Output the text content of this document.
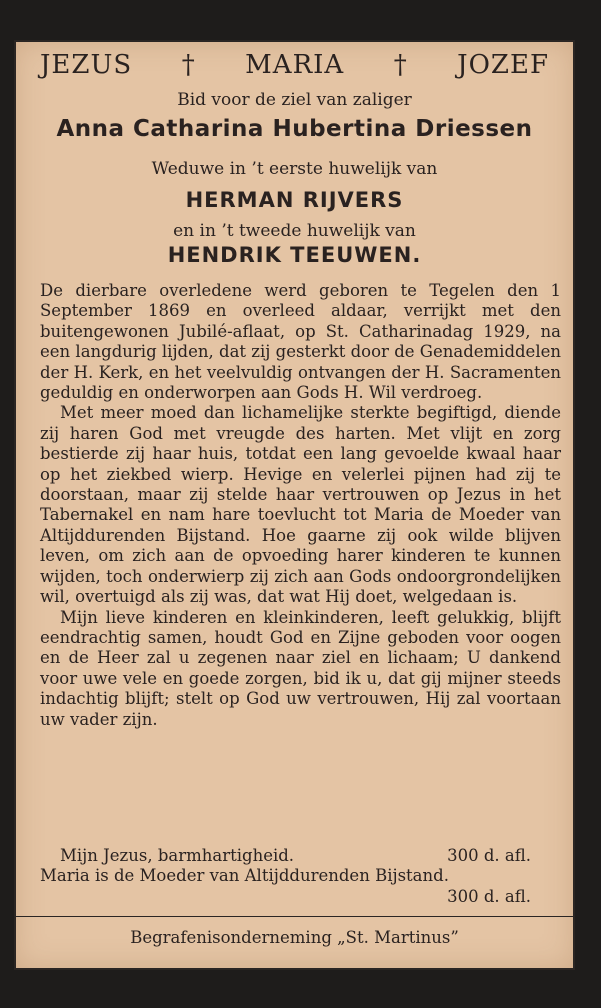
JEZUS † MARIA † JOZEF
Bid voor de ziel van zaliger
Anna Catharina Hubertina Driessen
Weduwe in ’t eerste huwelijk van
HERMAN RIJVERS
en in ’t tweede huwelijk van
HENDRIK TEEUWEN.

De dierbare overledene werd geboren te Tegelen den 1 September 1869 en overleed aldaar, verrijkt met den buitengewonen Jubilé-aflaat, op St. Catharinadag 1929, na een langdurig lijden, dat zij gesterkt door de Genademiddelen der H. Kerk, en het veelvuldig ontvangen der H. Sacramenten geduldig en onderworpen aan Gods H. Wil verdroeg.

Met meer moed dan lichamelijke sterkte begiftigd, diende zij haren God met vreugde des harten. Met vlijt en zorg bestierde zij haar huis, totdat een lang gevoelde kwaal haar op het ziekbed wierp. Hevige en velerlei pijnen had zij te doorstaan, maar zij stelde haar vertrouwen op Jezus in het Tabernakel en nam hare toevlucht tot Maria de Moeder van Altijddurenden Bijstand. Hoe gaarne zij ook wilde blijven leven, om zich aan de opvoeding harer kinderen te kunnen wijden, toch onderwierp zij zich aan Gods ondoorgrondelijken wil, overtuigd als zij was, dat wat Hij doet, welgedaan is.

Mijn lieve kinderen en kleinkinderen, leeft gelukkig, blijft eendrachtig samen, houdt God en Zijne geboden voor oogen en de Heer zal u zegenen naar ziel en lichaam; U dankend voor uwe vele en goede zorgen, bid ik u, dat gij mijner steeds indachtig blijft; stelt op God uw vertrouwen, Hij zal voortaan uw vader zijn.

Mijn Jezus, barmhartigheid.	300 d. afl.
Maria is de Moeder van Altijddurenden Bijstand.
300 d. afl.
Begrafenisonderneming „St. Martinus”
